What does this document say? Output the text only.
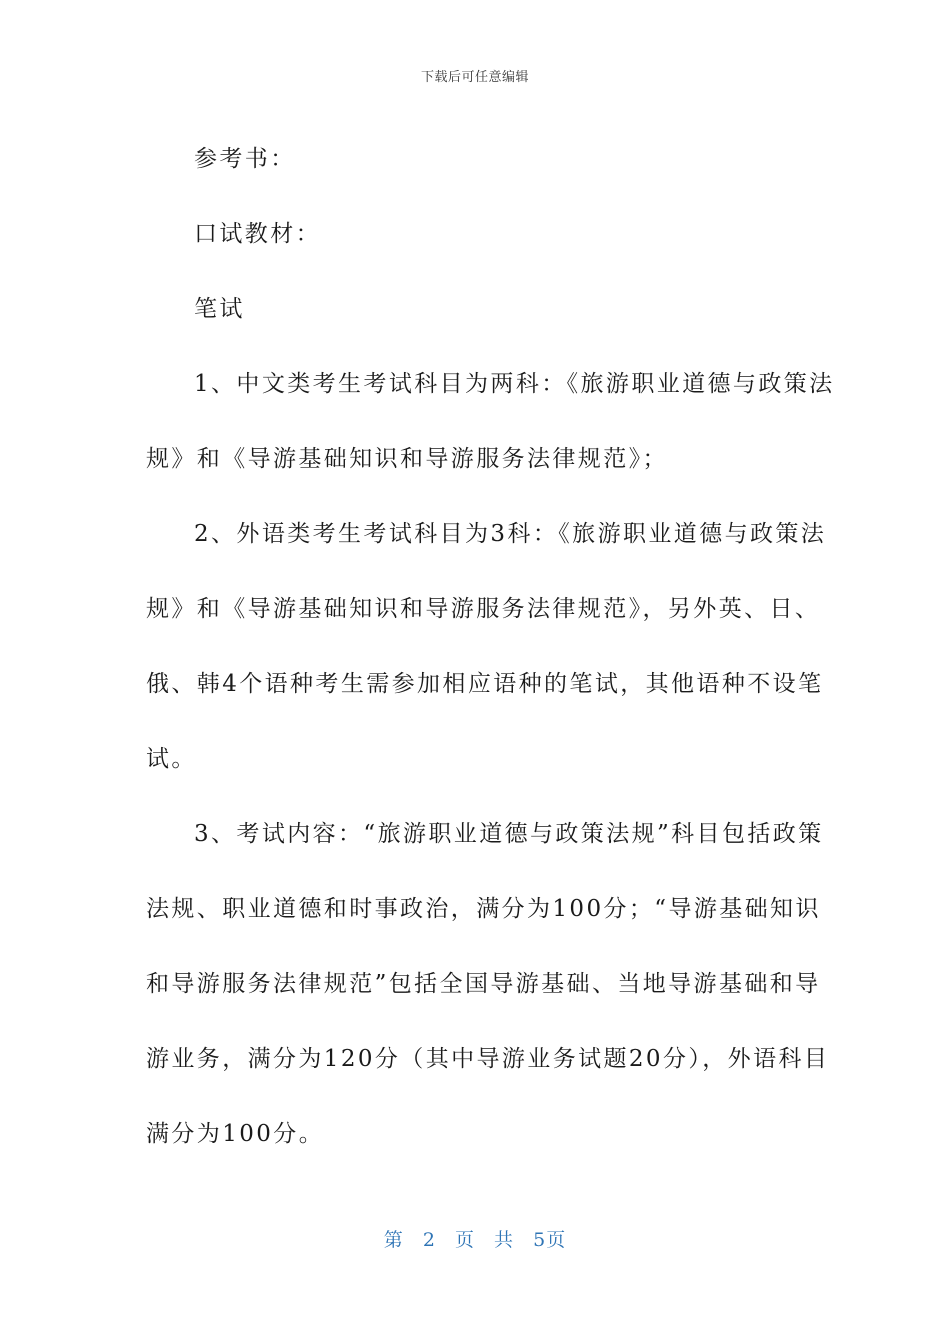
下载后可任意编辑

参考书：

口试教材：

笔试

1、中文类考生考试科目为两科：《旅游职业道德与政策法

规》和《导游基础知识和导游服务法律规范》；

2、外语类考生考试科目为3科：《旅游职业道德与政策法

规》和《导游基础知识和导游服务法律规范》，另外英、日、

俄、韩4个语种考生需参加相应语种的笔试，其他语种不设笔

试。

3、考试内容：“旅游职业道德与政策法规”科目包括政策

法规、职业道德和时事政治，满分为100分；“导游基础知识

和导游服务法律规范”包括全国导游基础、当地导游基础和导

游业务，满分为120分（其中导游业务试题20分），外语科目

满分为100分。

第 2 页 共 5页
